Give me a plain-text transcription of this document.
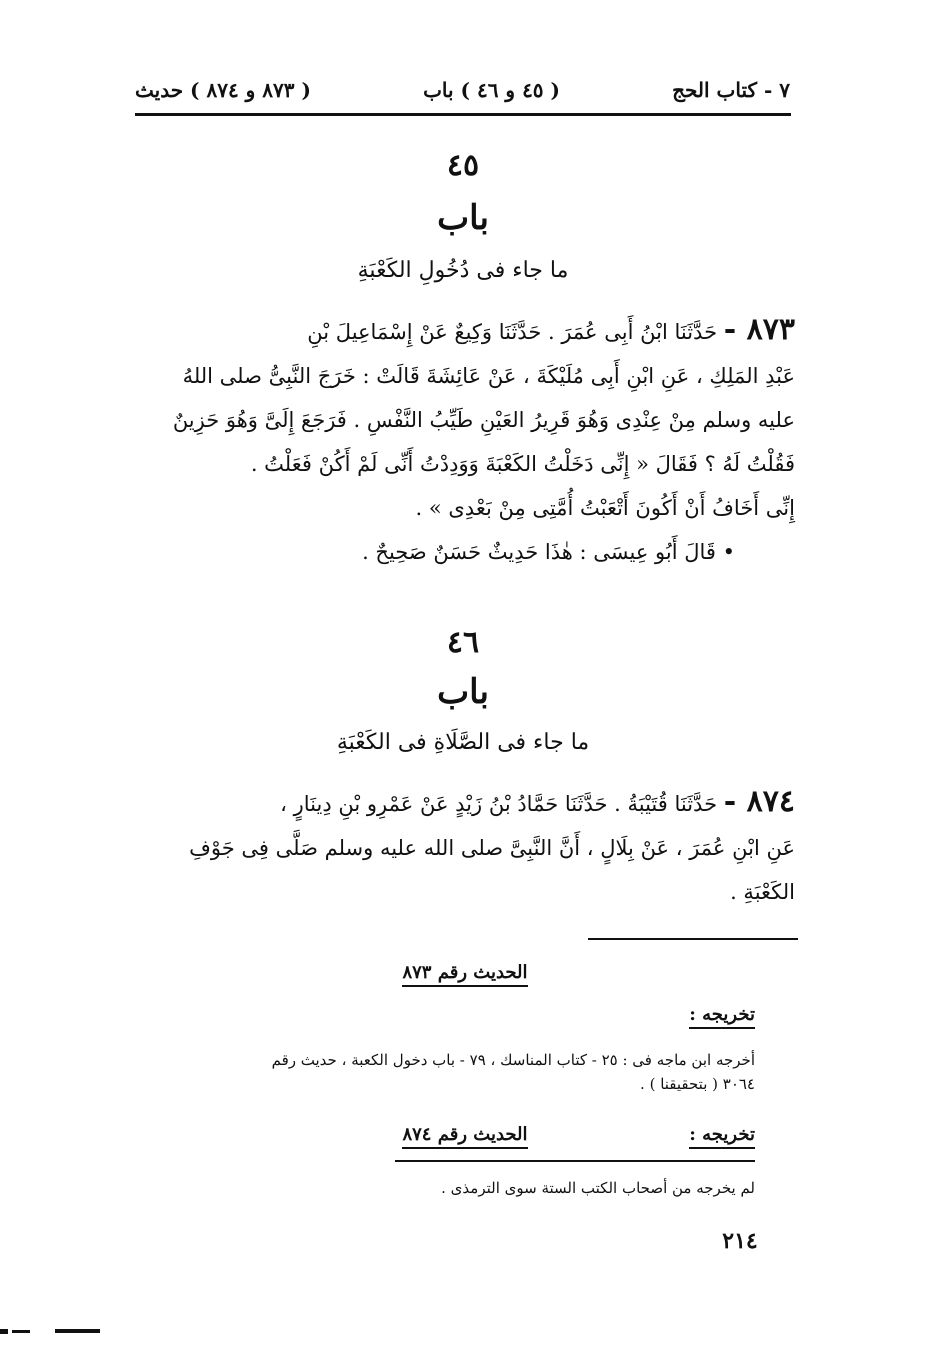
٧ - كتاب الحج
( ٤٥ و ٤٦ ) باب
( ٨٧٣ و ٨٧٤ ) حديث
٤٥
باب
ما جاء فى دُخُولِ الكَعْبَةِ
٨٧٣ - حَدَّثَنَا ابْنُ أَبِى عُمَرَ . حَدَّثَنَا وَكِيعٌ عَنْ إِسْمَاعِيلَ بْنِ
عَبْدِ المَلِكِ ، عَنِ ابْنِ أَبِى مُلَيْكَةَ ، عَنْ عَائِشَةَ قَالَتْ : خَرَجَ النَّبِىُّ صلى اللهُ
عليه وسلم مِنْ عِنْدِى وَهُوَ قَرِيرُ العَيْنِ طَيِّبُ النَّفْسِ . فَرَجَعَ إِلَىَّ وَهُوَ حَزِينٌ
فَقُلْتُ لَهُ ؟ فَقَالَ « إِنِّى دَخَلْتُ الكَعْبَةَ وَوَدِدْتُ أَنِّى لَمْ أَكُنْ فَعَلْتُ .
إِنِّى أَخَافُ أَنْ أَكُونَ أَتْعَبْتُ أُمَّتِى مِنْ بَعْدِى » .
• قَالَ أَبُو عِيسَى : هٰذَا حَدِيثٌ حَسَنٌ صَحِيحٌ .
٤٦
باب
ما جاء فى الصَّلَاةِ فى الكَعْبَةِ
٨٧٤ - حَدَّثَنَا قُتَيْبَةُ . حَدَّثَنَا حَمَّادُ بْنُ زَيْدٍ عَنْ عَمْرِو بْنِ دِينَارٍ ،
عَنِ ابْنِ عُمَرَ ، عَنْ بِلَالٍ ، أَنَّ النَّبِىَّ صلى الله عليه وسلم صَلَّى فِى جَوْفِ
الكَعْبَةِ .
الحديث رقم ٨٧٣
تخريجه :
أخرجه ابن ماجه فى : ٢٥ - كتاب المناسك ، ٧٩ - باب دخول الكعبة ، حديث رقم
٣٠٦٤ ( بتحقيقنا ) .
تخريجه :
الحديث رقم ٨٧٤
لم يخرجه من أصحاب الكتب الستة سوى الترمذى .
٢١٤
